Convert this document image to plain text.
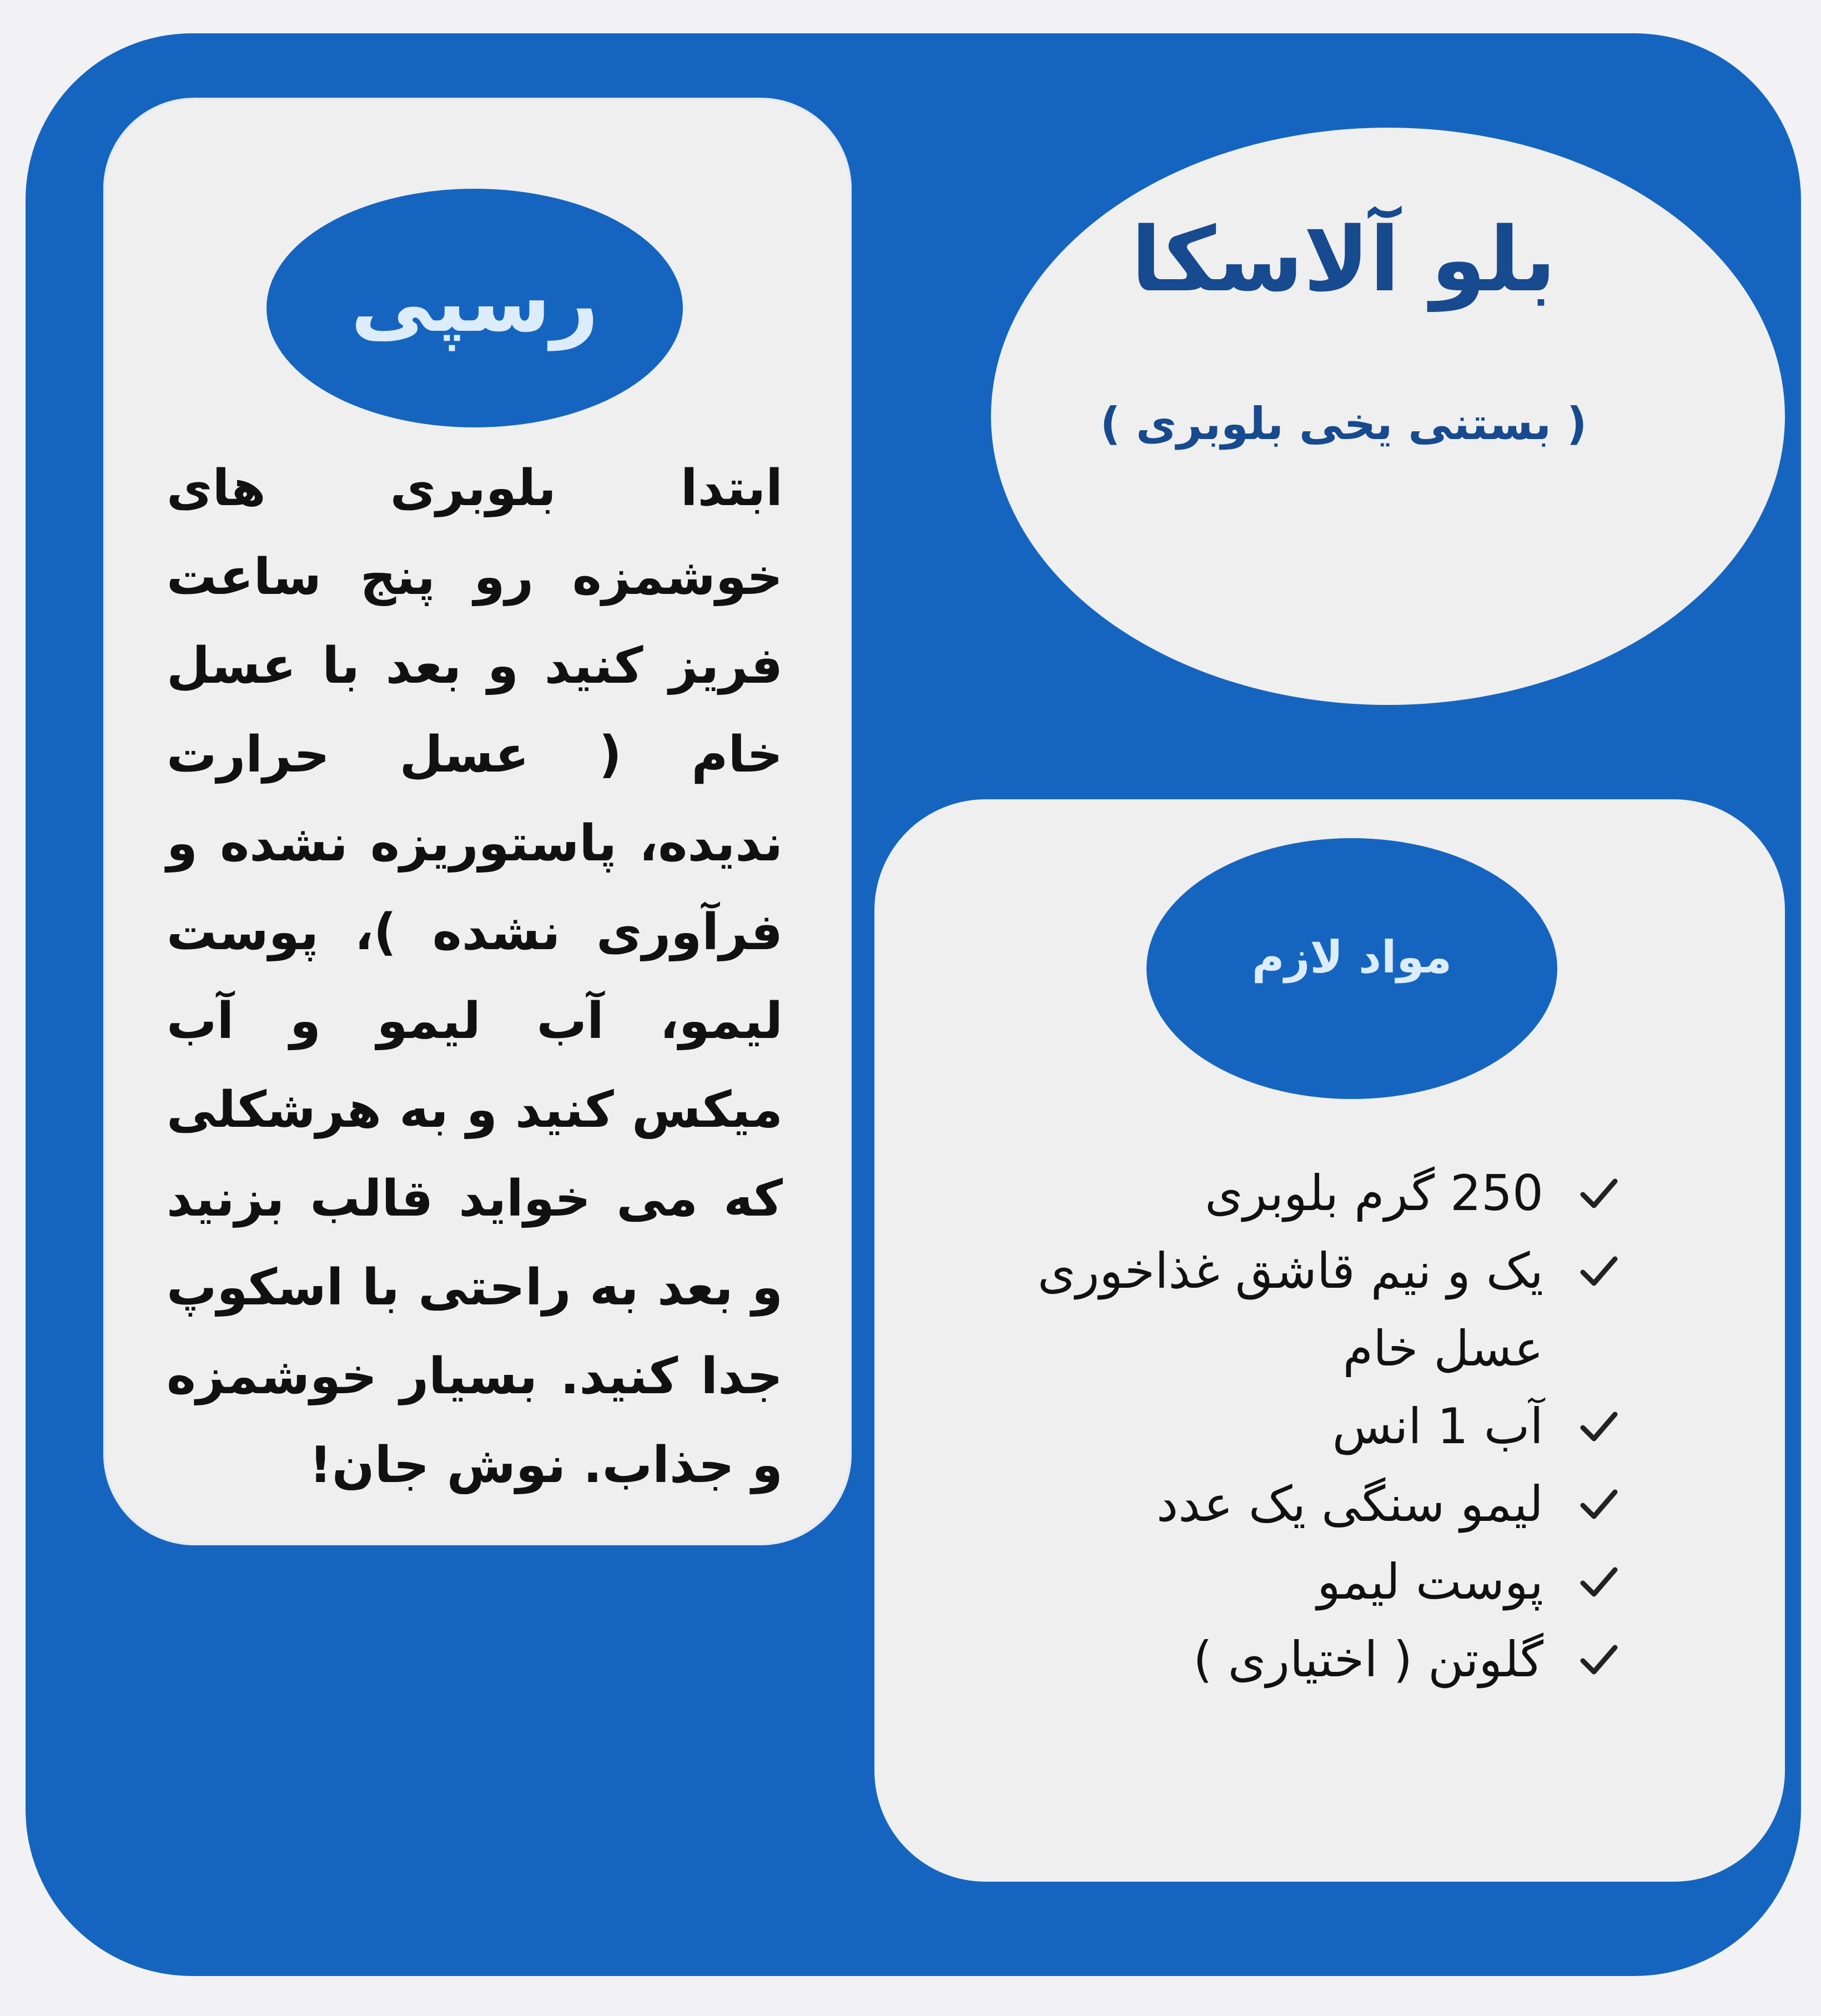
رسپی
ابتدا بلوبری های خوشمزه رو پنج ساعت فریز کنید و بعد با عسل خام ( عسل حرارت ندیده، پاستوریزه نشده و فرآوری نشده )، پوست لیمو، آب لیمو و آب میکس کنید و به هرشکلی که می خواید قالب بزنید و بعد به راحتی با اسکوپ جدا کنید. بسیار خوشمزه و جذاب. نوش جان!
بلو آلاسکا
( بستنی یخی بلوبری )
مواد لازم
250 گرم بلوبری
یک و نیم قاشق غذاخوری عسل خام
آب 1 انس
لیمو سنگی یک عدد
پوست لیمو
گلوتن ( اختیاری )
